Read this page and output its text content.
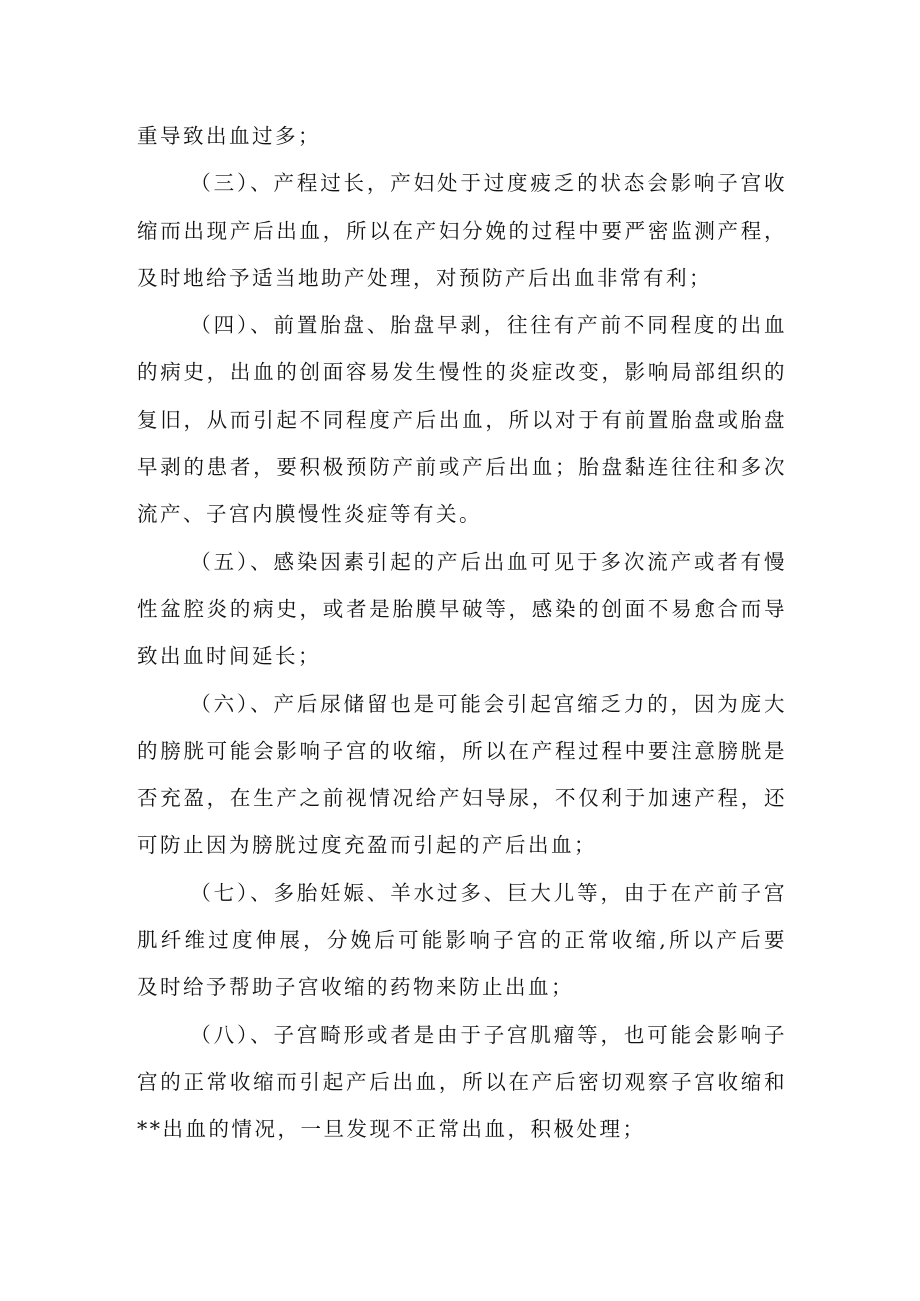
重导致出血过多；

（三）、产程过长，产妇处于过度疲乏的状态会影响子宫收缩而出现产后出血，所以在产妇分娩的过程中要严密监测产程，及时地给予适当地助产处理，对预防产后出血非常有利；

（四）、前置胎盘、胎盘早剥，往往有产前不同程度的出血的病史，出血的创面容易发生慢性的炎症改变，影响局部组织的复旧，从而引起不同程度产后出血，所以对于有前置胎盘或胎盘早剥的患者，要积极预防产前或产后出血；胎盘黏连往往和多次流产、子宫内膜慢性炎症等有关。

（五）、感染因素引起的产后出血可见于多次流产或者有慢性盆腔炎的病史，或者是胎膜早破等，感染的创面不易愈合而导致出血时间延长；

（六）、产后尿储留也是可能会引起宫缩乏力的，因为庞大的膀胱可能会影响子宫的收缩，所以在产程过程中要注意膀胱是否充盈，在生产之前视情况给产妇导尿，不仅利于加速产程，还可防止因为膀胱过度充盈而引起的产后出血；

（七）、多胎妊娠、羊水过多、巨大儿等，由于在产前子宫肌纤维过度伸展，分娩后可能影响子宫的正常收缩,所以产后要及时给予帮助子宫收缩的药物来防止出血；

（八）、子宫畸形或者是由于子宫肌瘤等，也可能会影响子宫的正常收缩而引起产后出血，所以在产后密切观察子宫收缩和**出血的情况，一旦发现不正常出血，积极处理；
